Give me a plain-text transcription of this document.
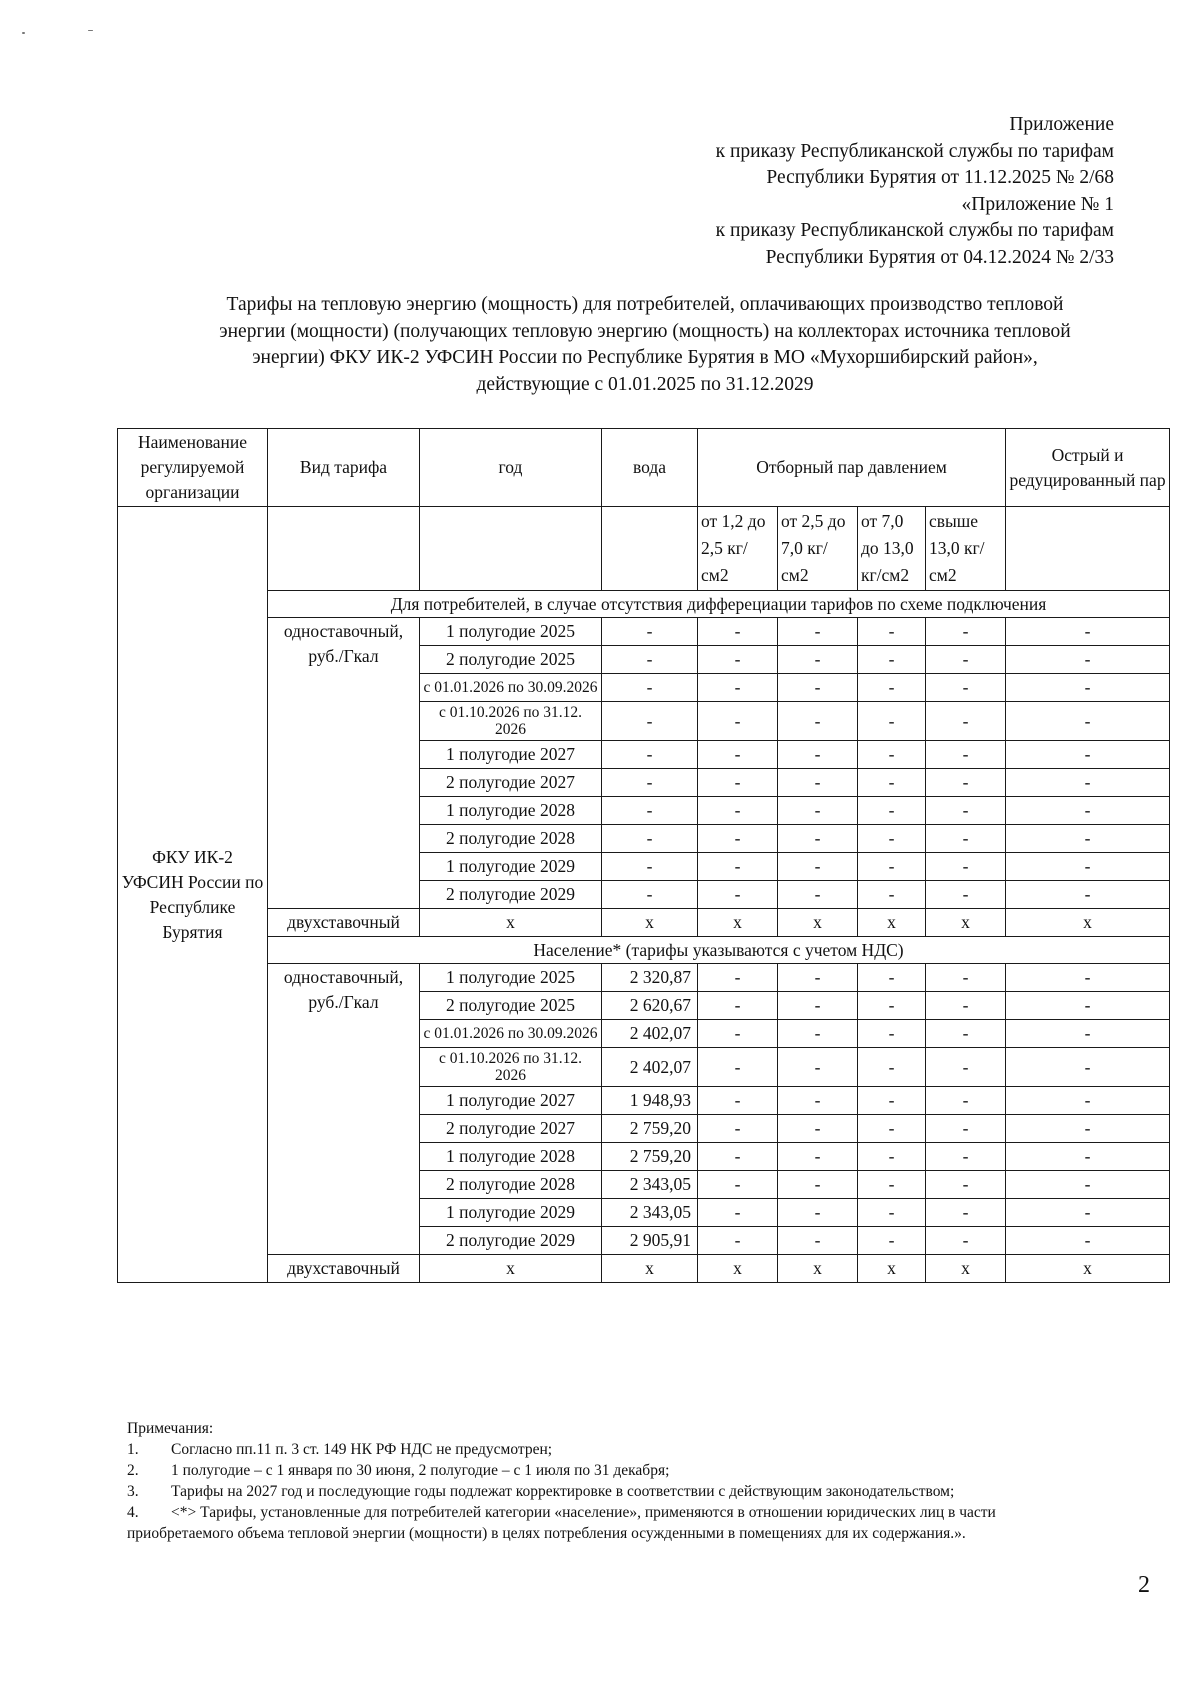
Приложение
к приказу Республиканской службы по тарифам
Республики Бурятия от 11.12.2025 № 2/68
«Приложение № 1
к приказу Республиканской службы по тарифам
Республики Бурятия от 04.12.2024 № 2/33
Тарифы на тепловую энергию (мощность) для потребителей, оплачивающих производство тепловой
энергии (мощности) (получающих тепловую энергию (мощность) на коллекторах источника тепловой
энергии) ФКУ ИК-2 УФСИН России по Республике Бурятия в МО «Мухоршибирский район»,
действующие с 01.01.2025 по 31.12.2029
Наименование регулируемой организации	Вид тарифа	год	вода	Отборный пар давлением				Острый и редуцированный пар
ФКУ ИК-2 УФСИН России по Республике Бурятия				от 1,2 до 2,5 кг/см2	от 2,5 до 7,0 кг/см2	от 7,0 до 13,0 кг/см2	свыше 13,0 кг/см2	
	Для потребителей, в случае отсутствия дифферециации тарифов по схеме подключения							
	одноставочный, руб./Гкал	1 полугодие 2025	-	-	-	-	-	-
		2 полугодие 2025	-	-	-	-	-	-
		с 01.01.2026 по 30.09.2026	-	-	-	-	-	-
		с 01.10.2026 по 31.12. 2026	-	-	-	-	-	-
		1 полугодие 2027	-	-	-	-	-	-
		2 полугодие 2027	-	-	-	-	-	-
		1 полугодие 2028	-	-	-	-	-	-
		2 полугодие 2028	-	-	-	-	-	-
		1 полугодие 2029	-	-	-	-	-	-
		2 полугодие 2029	-	-	-	-	-	-
	двухставочный	x	x	x	x	x	x	x
	Население* (тарифы указываются с учетом НДС)							
	одноставочный, руб./Гкал	1 полугодие 2025	2 320,87	-	-	-	-	-
		2 полугодие 2025	2 620,67	-	-	-	-	-
		с 01.01.2026 по 30.09.2026	2 402,07	-	-	-	-	-
		с 01.10.2026 по 31.12. 2026	2 402,07	-	-	-	-	-
		1 полугодие 2027	1 948,93	-	-	-	-	-
		2 полугодие 2027	2 759,20	-	-	-	-	-
		1 полугодие 2028	2 759,20	-	-	-	-	-
		2 полугодие 2028	2 343,05	-	-	-	-	-
		1 полугодие 2029	2 343,05	-	-	-	-	-
		2 полугодие 2029	2 905,91	-	-	-	-	-
	двухставочный	x	x	x	x	x	x	x
Примечания:
1. Согласно пп.11 п. 3 ст. 149 НК РФ НДС не предусмотрен;
2. 1 полугодие – с 1 января по 30 июня, 2 полугодие – с 1 июля по 31 декабря;
3. Тарифы на 2027 год и последующие годы подлежат корректировке в соответствии с действующим законодательством;
4. <*> Тарифы, установленные для потребителей категории «население», применяются в отношении юридических лиц в части
приобретаемого объема тепловой энергии (мощности) в целях потребления осужденными в помещениях для их содержания.».
2
